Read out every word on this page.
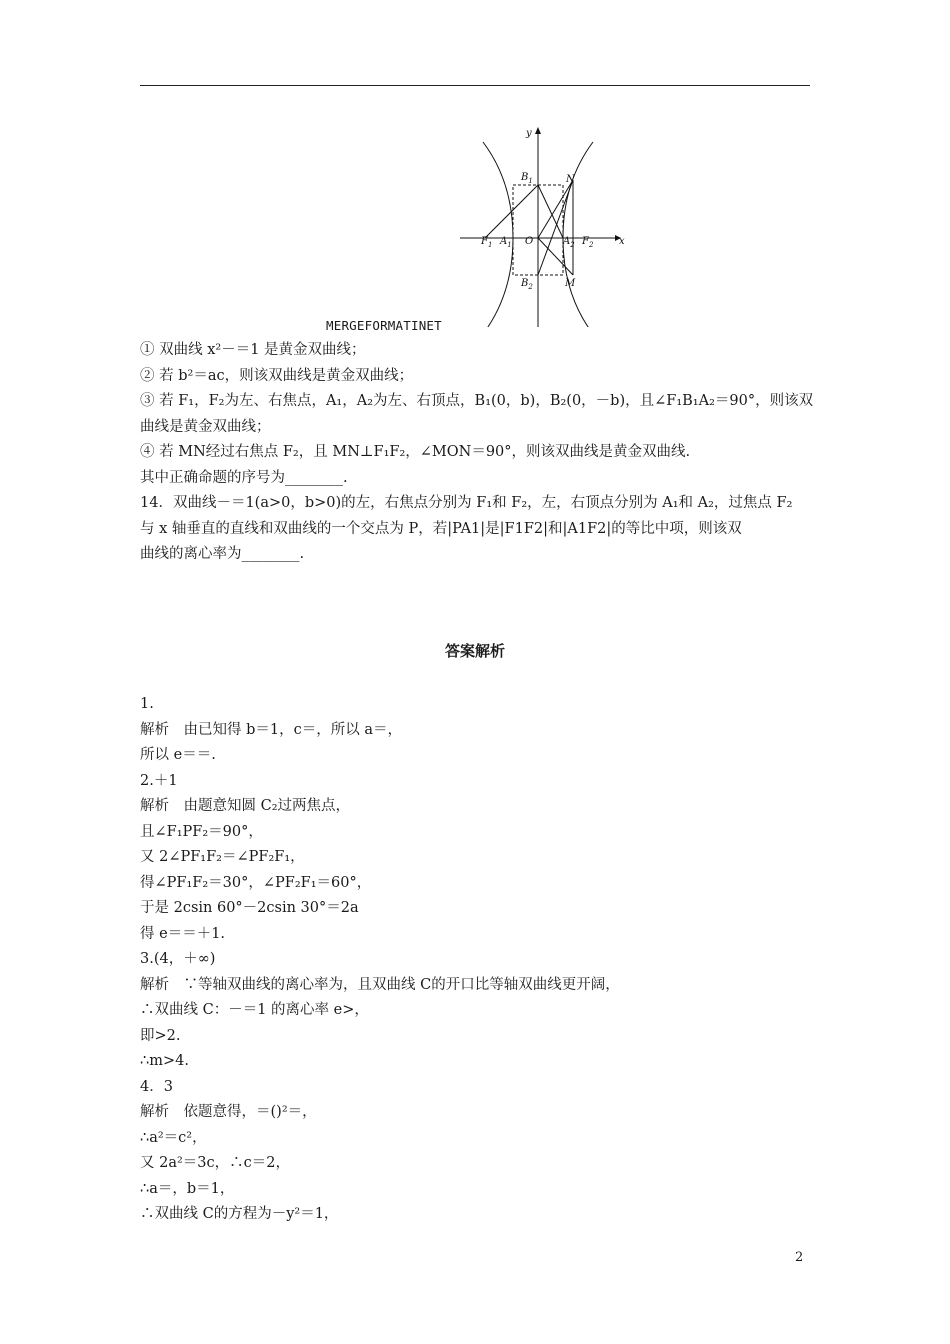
y
x
$B_1$	N
$F_1$ $A_1$ O	$A_2$ $F_2$
$B_2$	M
MERGEFORMATINET
① 双曲线 x²－＝1 是黄金双曲线；
② 若 b²＝ac，则该双曲线是黄金双曲线；
③ 若 F₁，F₂为左、右焦点，A₁，A₂为左、右顶点，B₁(0，b)，B₂(0，－b)，且∠F₁B₁A₂＝90°，则该双
曲线是黄金双曲线；
④ 若 MN经过右焦点 F₂，且 MN⊥F₁F₂，∠MON＝90°，则该双曲线是黄金双曲线.
其中正确命题的序号为________.
14．双曲线－＝1(a>0，b>0)的左，右焦点分别为 F₁和 F₂，左，右顶点分别为 A₁和 A₂，过焦点 F₂
与 x 轴垂直的直线和双曲线的一个交点为 P，若|PA1|是|F1F2|和|A1F2|的等比中项，则该双
曲线的离心率为________.
答案解析
1.
解析　由已知得 b＝1，c＝，所以 a＝，
所以 e＝＝.
2.＋1
解析　由题意知圆 C₂过两焦点，
且∠F₁PF₂＝90°，
又 2∠PF₁F₂＝∠PF₂F₁，
得∠PF₁F₂＝30°，∠PF₂F₁＝60°，
于是 2csin 60°－2csin 30°＝2a
得 e＝＝＋1.
3.(4，＋∞)
解析　∵等轴双曲线的离心率为，且双曲线 C的开口比等轴双曲线更开阔，
∴双曲线 C：－＝1 的离心率 e>，
即>2.
∴m>4.
4．3
解析　依题意得，＝()²＝，
∴a²＝c²，
又 2a²＝3c，∴c＝2，
∴a＝，b＝1，
∴双曲线 C的方程为－y²＝1，
2
